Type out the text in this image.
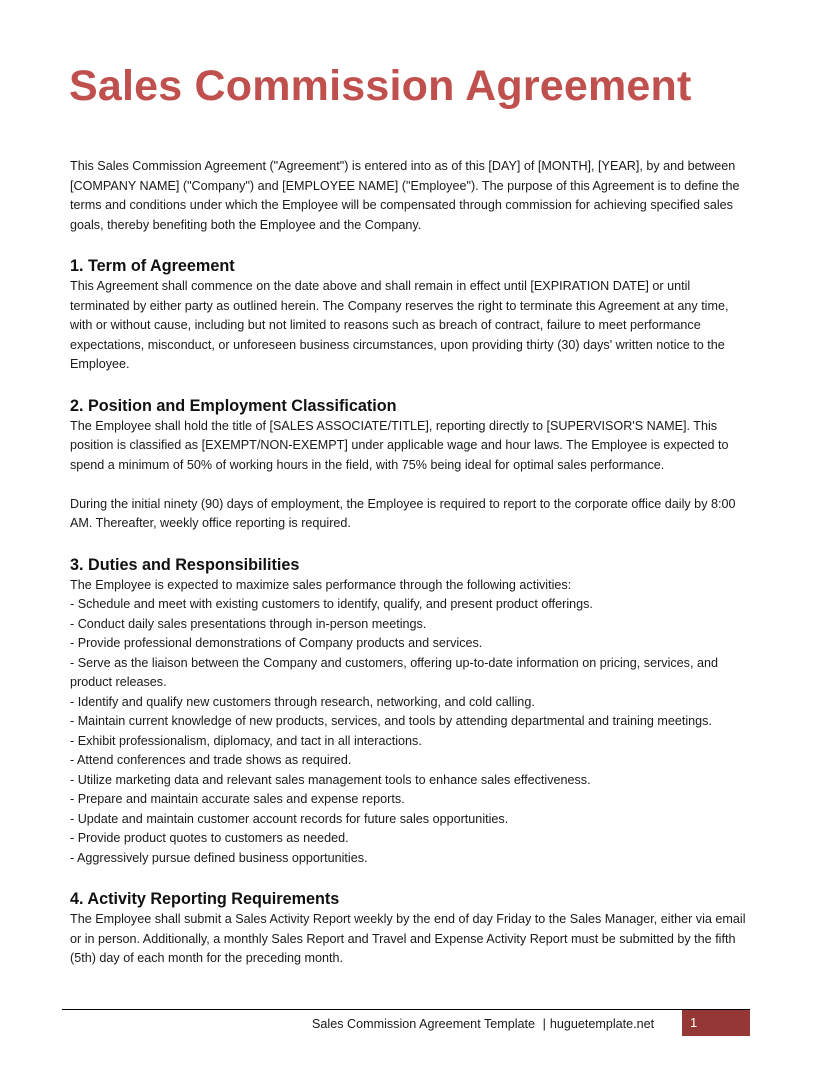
Sales Commission Agreement

This Sales Commission Agreement ("Agreement") is entered into as of this [DAY] of [MONTH], [YEAR], by and between [COMPANY NAME] ("Company") and [EMPLOYEE NAME] ("Employee"). The purpose of this Agreement is to define the terms and conditions under which the Employee will be compensated through commission for achieving specified sales goals, thereby benefiting both the Employee and the Company.

1. Term of Agreement

This Agreement shall commence on the date above and shall remain in effect until [EXPIRATION DATE] or until terminated by either party as outlined herein. The Company reserves the right to terminate this Agreement at any time, with or without cause, including but not limited to reasons such as breach of contract, failure to meet performance expectations, misconduct, or unforeseen business circumstances, upon providing thirty (30) days' written notice to the Employee.

2. Position and Employment Classification

The Employee shall hold the title of [SALES ASSOCIATE/TITLE], reporting directly to [SUPERVISOR'S NAME]. This position is classified as [EXEMPT/NON-EXEMPT] under applicable wage and hour laws. The Employee is expected to spend a minimum of 50% of working hours in the field, with 75% being ideal for optimal sales performance.

During the initial ninety (90) days of employment, the Employee is required to report to the corporate office daily by 8:00 AM. Thereafter, weekly office reporting is required.

3. Duties and Responsibilities

The Employee is expected to maximize sales performance through the following activities:

- Schedule and meet with existing customers to identify, qualify, and present product offerings.
- Conduct daily sales presentations through in-person meetings.
- Provide professional demonstrations of Company products and services.
- Serve as the liaison between the Company and customers, offering up-to-date information on pricing, services, and product releases.
- Identify and qualify new customers through research, networking, and cold calling.
- Maintain current knowledge of new products, services, and tools by attending departmental and training meetings.
- Exhibit professionalism, diplomacy, and tact in all interactions.
- Attend conferences and trade shows as required.
- Utilize marketing data and relevant sales management tools to enhance sales effectiveness.
- Prepare and maintain accurate sales and expense reports.
- Update and maintain customer account records for future sales opportunities.
- Provide product quotes to customers as needed.
- Aggressively pursue defined business opportunities.
4. Activity Reporting Requirements

The Employee shall submit a Sales Activity Report weekly by the end of day Friday to the Sales Manager, either via email or in person. Additionally, a monthly Sales Report and Travel and Expense Activity Report must be submitted by the fifth (5th) day of each month for the preceding month.

Sales Commission Agreement Template | huguetemplate.net	1
